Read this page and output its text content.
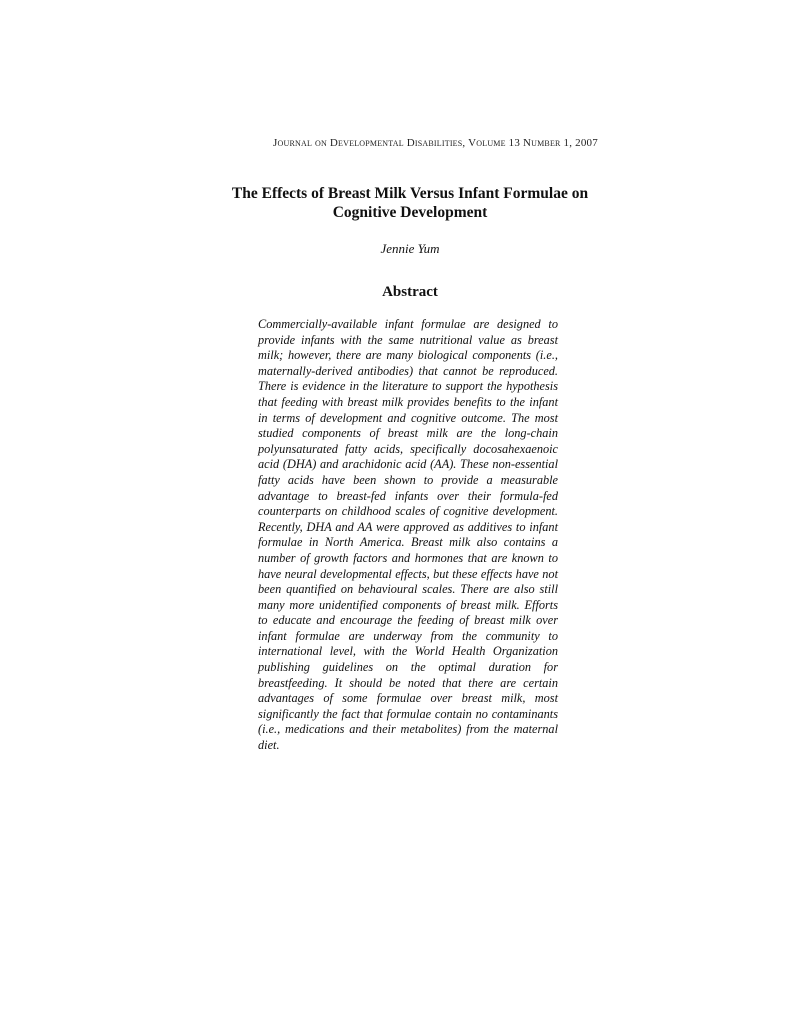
Journal on Developmental Disabilities, Volume 13 Number 1, 2007
The Effects of Breast Milk Versus Infant Formulae on Cognitive Development
Jennie Yum
Abstract
Commercially-available infant formulae are designed to provide infants with the same nutritional value as breast milk; however, there are many biological components (i.e., maternally-derived antibodies) that cannot be reproduced. There is evidence in the literature to support the hypothesis that feeding with breast milk provides benefits to the infant in terms of development and cognitive outcome. The most studied components of breast milk are the long-chain polyunsaturated fatty acids, specifically docosahexaenoic acid (DHA) and arachidonic acid (AA). These non-essential fatty acids have been shown to provide a measurable advantage to breast-fed infants over their formula-fed counterparts on childhood scales of cognitive development. Recently, DHA and AA were approved as additives to infant formulae in North America. Breast milk also contains a number of growth factors and hormones that are known to have neural developmental effects, but these effects have not been quantified on behavioural scales. There are also still many more unidentified components of breast milk. Efforts to educate and encourage the feeding of breast milk over infant formulae are underway from the community to international level, with the World Health Organization publishing guidelines on the optimal duration for breastfeeding. It should be noted that there are certain advantages of some formulae over breast milk, most significantly the fact that formulae contain no contaminants (i.e., medications and their metabolites) from the maternal diet.
